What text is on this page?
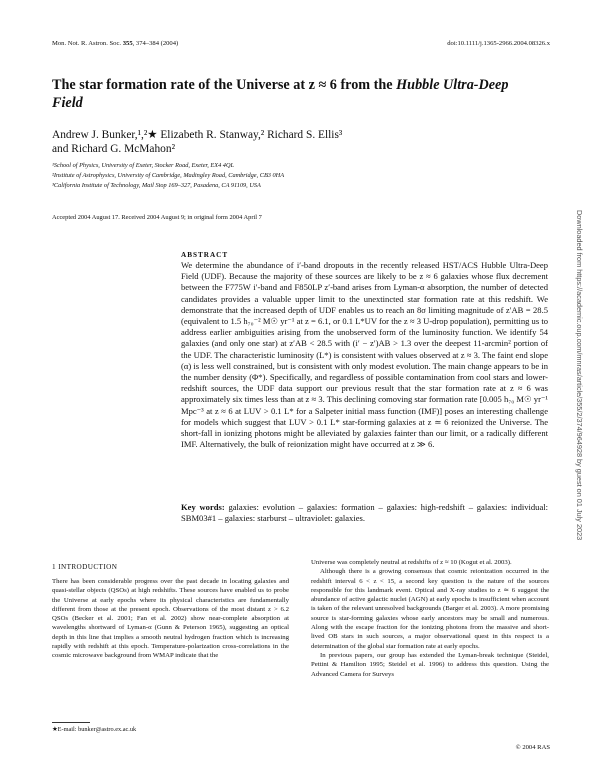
Mon. Not. R. Astron. Soc. 355, 374–384 (2004)	doi:10.1111/j.1365-2966.2004.08326.x
The star formation rate of the Universe at z ≈ 6 from the Hubble Ultra-Deep Field
Andrew J. Bunker,¹,²★ Elizabeth R. Stanway,² Richard S. Ellis³
and Richard G. McMahon²
¹School of Physics, University of Exeter, Stocker Road, Exeter, EX4 4QL
²Institute of Astrophysics, University of Cambridge, Madingley Road, Cambridge, CB3 0HA
³California Institute of Technology, Mail Stop 169–327, Pasadena, CA 91109, USA
Accepted 2004 August 17. Received 2004 August 9; in original form 2004 April 7
ABSTRACT
We determine the abundance of i′-band dropouts in the recently released HST/ACS Hubble Ultra-Deep Field (UDF). Because the majority of these sources are likely to be z ≈ 6 galaxies whose flux decrement between the F775W i′-band and F850LP z′-band arises from Lyman-α absorption, the number of detected candidates provides a valuable upper limit to the unextincted star formation rate at this redshift. We demonstrate that the increased depth of UDF enables us to reach an 8σ limiting magnitude of z′AB = 28.5 (equivalent to 1.5 h₇₀⁻² M☉ yr⁻¹ at z = 6.1, or 0.1 L*UV for the z ≈ 3 U-drop population), permitting us to address earlier ambiguities arising from the unobserved form of the luminosity function. We identify 54 galaxies (and only one star) at z′AB < 28.5 with (i′ − z′)AB > 1.3 over the deepest 11-arcmin² portion of the UDF. The characteristic luminosity (L*) is consistent with values observed at z ≈ 3. The faint end slope (α) is less well constrained, but is consistent with only modest evolution. The main change appears to be in the number density (Φ*). Specifically, and regardless of possible contamination from cool stars and lower-redshift sources, the UDF data support our previous result that the star formation rate at z ≈ 6 was approximately six times less than at z ≈ 3. This declining comoving star formation rate [0.005 h₇₀ M☉ yr⁻¹ Mpc⁻³ at z ≈ 6 at LUV > 0.1 L* for a Salpeter initial mass function (IMF)] poses an interesting challenge for models which suggest that LUV > 0.1 L* star-forming galaxies at z ≃ 6 reionized the Universe. The short-fall in ionizing photons might be alleviated by galaxies fainter than our limit, or a radically different IMF. Alternatively, the bulk of reionization might have occurred at z ≫ 6.
Key words: galaxies: evolution – galaxies: formation – galaxies: high-redshift – galaxies: individual: SBM03#1 – galaxies: starburst – ultraviolet: galaxies.
1 INTRODUCTION

There has been considerable progress over the past decade in locating galaxies and quasi-stellar objects (QSOs) at high redshifts. These sources have enabled us to probe the Universe at early epochs where its physical characteristics are fundamentally different from those at the present epoch. Observations of the most distant z > 6.2 QSOs (Becker et al. 2001; Fan et al. 2002) show near-complete absorption at wavelengths shortward of Lyman-α (Gunn & Peterson 1965), suggesting an optical depth in this line that implies a smooth neutral hydrogen fraction which is increasing rapidly with redshift at this epoch. Temperature-polarization cross-correlations in the cosmic microwave background from WMAP indicate that the

Universe was completely neutral at redshifts of z ≈ 10 (Kogut et al. 2003).

Although there is a growing consensus that cosmic reionization occurred in the redshift interval 6 < z < 15, a second key question is the nature of the sources responsible for this landmark event. Optical and X-ray studies to z ≃ 6 suggest the abundance of active galactic nuclei (AGN) at early epochs is insufficient when account is taken of the relevant unresolved backgrounds (Barger et al. 2003). A more promising source is star-forming galaxies whose early ancestors may be small and numerous. Along with the escape fraction for the ionizing photons from the massive and short-lived OB stars in such sources, a major observational quest in this respect is a determination of the global star formation rate at early epochs.

In previous papers, our group has extended the Lyman-break technique (Steidel, Pettini & Hamilton 1995; Steidel et al. 1996) to address this question. Using the Advanced Camera for Surveys

★E-mail: bunker@astro.ex.ac.uk
© 2004 RAS
Downloaded from https://academic.oup.com/mnras/article/355/2/374/964928 by guest on 01 July 2023
